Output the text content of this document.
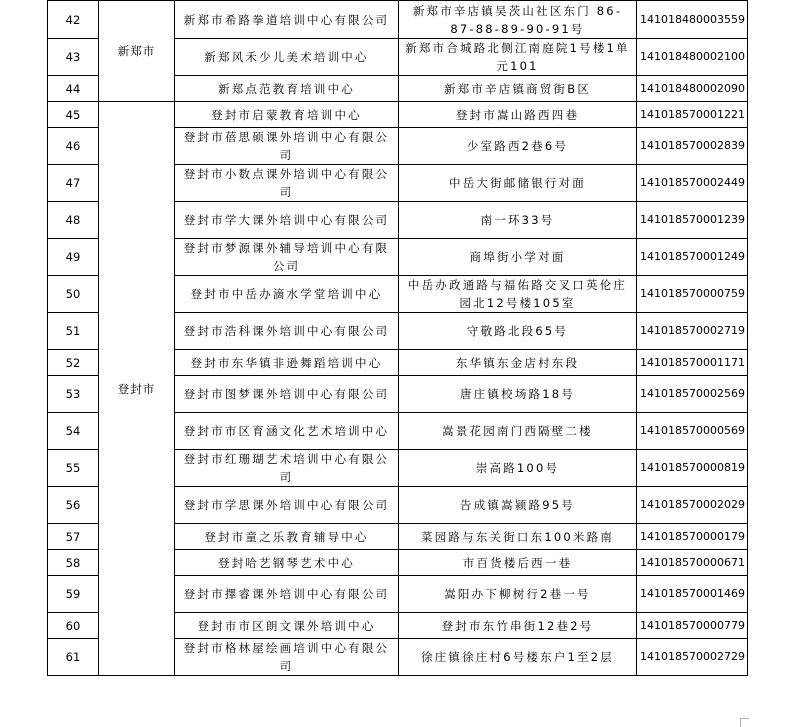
42	新郑市	新郑市希路拳道培训中心有限公司	新郑市辛店镇吴茨山社区东门 86-87-88-89-90-91号	141018480003559
43		新郑风禾少儿美术培训中心	新郑市合城路北侧江南庭院1号楼1单元101	141018480002100
44		新郑点范教育培训中心	新郑市辛店镇商贸街B区	141018480002090
45	登封市	登封市启蒙教育培训中心	登封市嵩山路西四巷	141018570001221
46		登封市蓓思硕课外培训中心有限公司	少室路西2巷6号	141018570002839
47		登封市小数点课外培训中心有限公司	中岳大街邮储银行对面	141018570002449
48		登封市学大课外培训中心有限公司	南一环33号	141018570001239
49		登封市梦源课外辅导培训中心有限公司	商埠街小学对面	141018570001249
50		登封市中岳办滴水学堂培训中心	中岳办政通路与福佑路交叉口英伦庄园北12号楼105室	141018570000759
51		登封市浩科课外培训中心有限公司	守敬路北段65号	141018570002719
52		登封市东华镇非逊舞蹈培训中心	东华镇东金店村东段	141018570001171
53		登封市图梦课外培训中心有限公司	唐庄镇校场路18号	141018570002569
54		登封市市区育涵文化艺术培训中心	嵩景花园南门西隔壁二楼	141018570000569
55		登封市红珊瑚艺术培训中心有限公司	崇高路100号	141018570000819
56		登封市学思课外培训中心有限公司	告成镇嵩颍路95号	141018570002029
57		登封市童之乐教育辅导中心	菜园路与东关街口东100米路南	141018570000179
58		登封哈艺钢琴艺术中心	市百货楼后西一巷	141018570000671
59		登封市擇睿课外培训中心有限公司	嵩阳办下柳树行2巷一号	141018570001469
60		登封市市区朗文课外培训中心	登封市东竹串街12巷2号	141018570000779
61		登封市格林屋绘画培训中心有限公司	徐庄镇徐庄村6号楼东户1至2层	141018570002729
